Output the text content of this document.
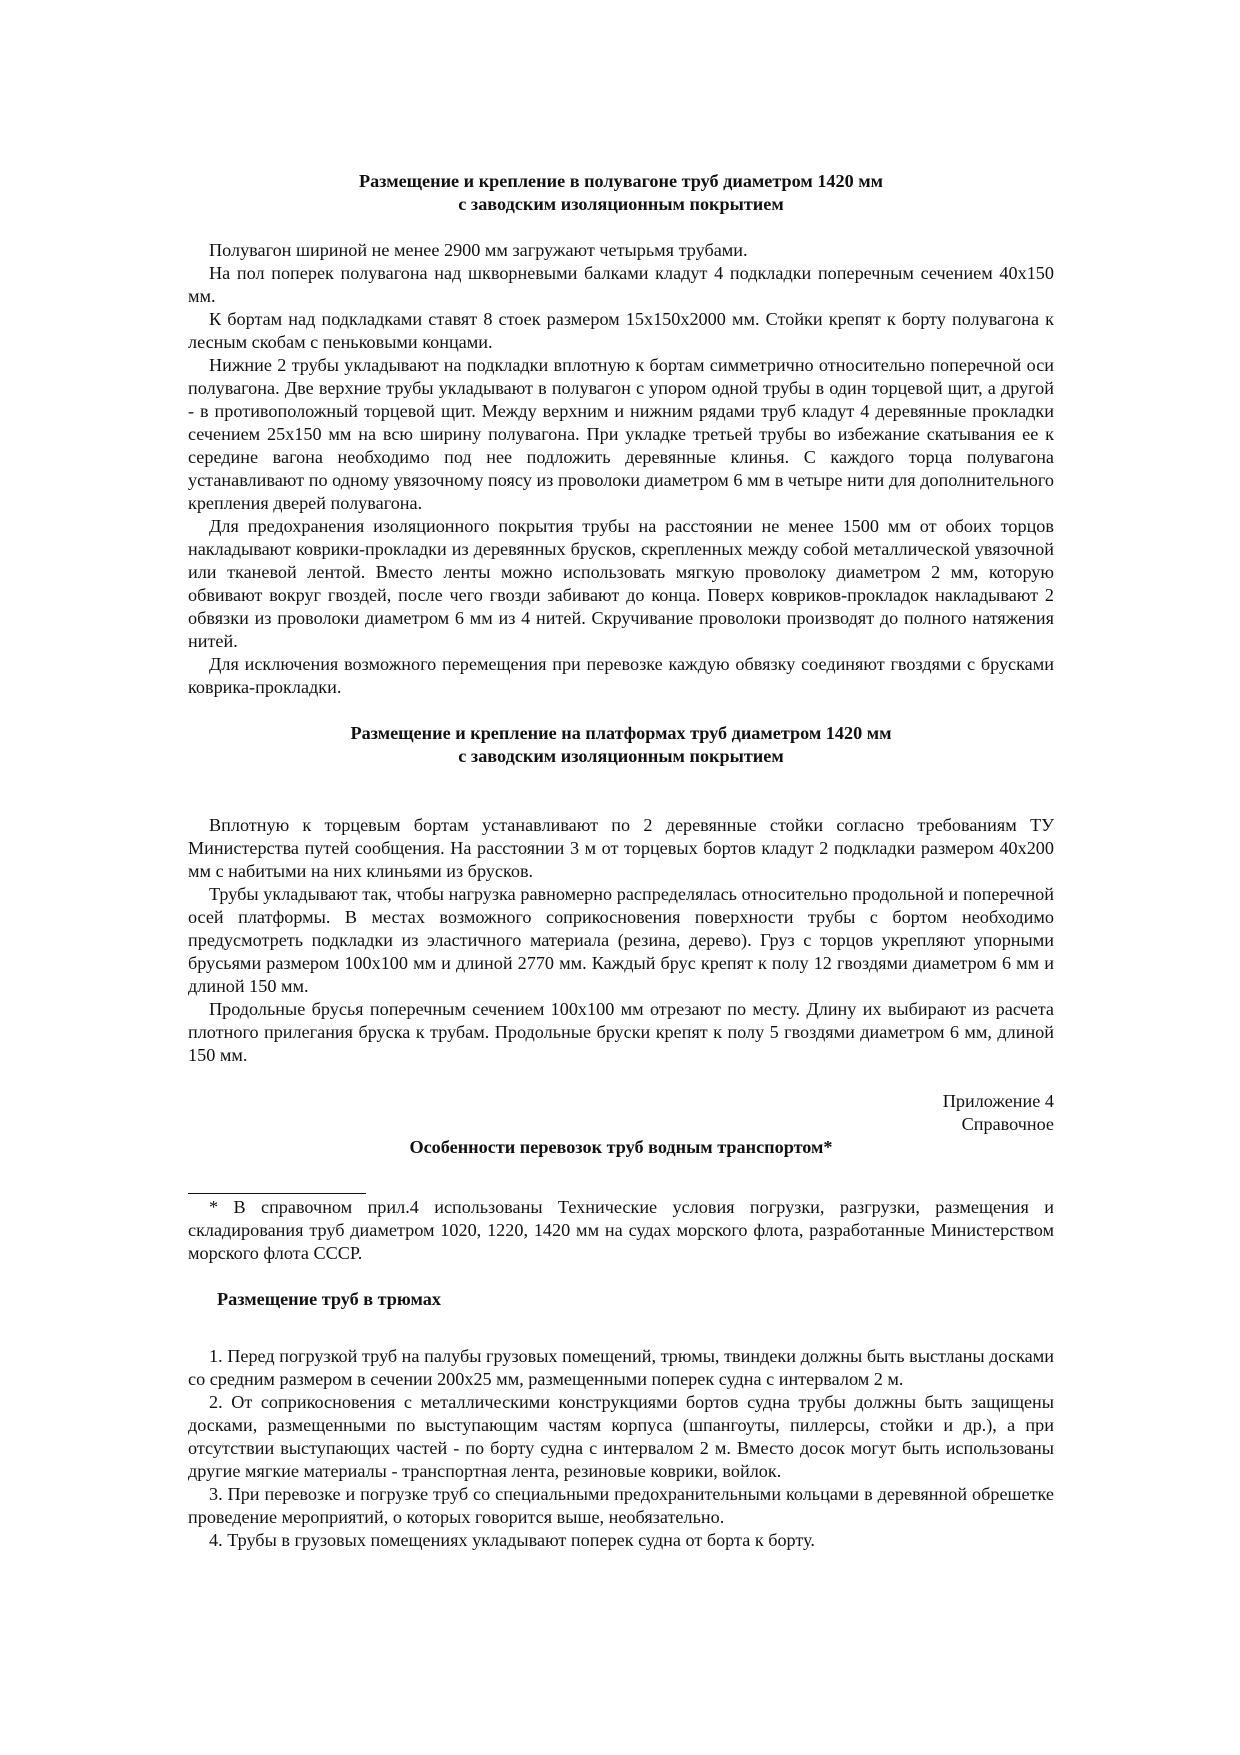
Размещение и крепление в полувагоне труб диаметром 1420 мм
с заводским изоляционным покрытием

Полувагон шириной не менее 2900 мм загружают четырьмя трубами.

На пол поперек полувагона над шкворневыми балками кладут 4 подкладки поперечным сечением 40х150 мм.

К бортам над подкладками ставят 8 стоек размером 15х150х2000 мм. Стойки крепят к борту полувагона к лесным скобам с пеньковыми концами.

Нижние 2 трубы укладывают на подкладки вплотную к бортам симметрично относительно поперечной оси полувагона. Две верхние трубы укладывают в полувагон с упором одной трубы в один торцевой щит, а другой - в противоположный торцевой щит. Между верхним и нижним рядами труб кладут 4 деревянные прокладки сечением 25х150 мм на всю ширину полувагона. При укладке третьей трубы во избежание скатывания ее к середине вагона необходимо под нее подложить деревянные клинья. С каждого торца полувагона устанавливают по одному увязочному поясу из проволоки диаметром 6 мм в четыре нити для дополнительного крепления дверей полувагона.

Для предохранения изоляционного покрытия трубы на расстоянии не менее 1500 мм от обоих торцов накладывают коврики-прокладки из деревянных брусков, скрепленных между собой металлической увязочной или тканевой лентой. Вместо ленты можно использовать мягкую проволоку диаметром 2 мм, которую обвивают вокруг гвоздей, после чего гвозди забивают до конца. Поверх ковриков-прокладок накладывают 2 обвязки из проволоки диаметром 6 мм из 4 нитей. Скручивание проволоки производят до полного натяжения нитей.

Для исключения возможного перемещения при перевозке каждую обвязку соединяют гвоздями с брусками коврика-прокладки.

Размещение и крепление на платформах труб диаметром 1420 мм
с заводским изоляционным покрытием

Вплотную к торцевым бортам устанавливают по 2 деревянные стойки согласно требованиям ТУ Министерства путей сообщения. На расстоянии 3 м от торцевых бортов кладут 2 подкладки размером 40х200 мм с набитыми на них клиньями из брусков.

Трубы укладывают так, чтобы нагрузка равномерно распределялась относительно продольной и поперечной осей платформы. В местах возможного соприкосновения поверхности трубы с бортом необходимо предусмотреть подкладки из эластичного материала (резина, дерево). Груз с торцов укрепляют упорными брусьями размером 100х100 мм и длиной 2770 мм. Каждый брус крепят к полу 12 гвоздями диаметром 6 мм и длиной 150 мм.

Продольные брусья поперечным сечением 100х100 мм отрезают по месту. Длину их выбирают из расчета плотного прилегания бруска к трубам. Продольные бруски крепят к полу 5 гвоздями диаметром 6 мм, длиной 150 мм.

Приложение 4

Справочное

Особенности перевозок труб водным транспортом*

* В справочном прил.4 использованы Технические условия погрузки, разгрузки, размещения и складирования труб диаметром 1020, 1220, 1420 мм на судах морского флота, разработанные Министерством морского флота СССР.

Размещение труб в трюмах

1. Перед погрузкой труб на палубы грузовых помещений, трюмы, твиндеки должны быть выстланы досками со средним размером в сечении 200х25 мм, размещенными поперек судна с интервалом 2 м.

2. От соприкосновения с металлическими конструкциями бортов судна трубы должны быть защищены досками, размещенными по выступающим частям корпуса (шпангоуты, пиллерсы, стойки и др.), а при отсутствии выступающих частей - по борту судна с интервалом 2 м. Вместо досок могут быть использованы другие мягкие материалы - транспортная лента, резиновые коврики, войлок.

3. При перевозке и погрузке труб со специальными предохранительными кольцами в деревянной обрешетке проведение мероприятий, о которых говорится выше, необязательно.

4. Трубы в грузовых помещениях укладывают поперек судна от борта к борту.
